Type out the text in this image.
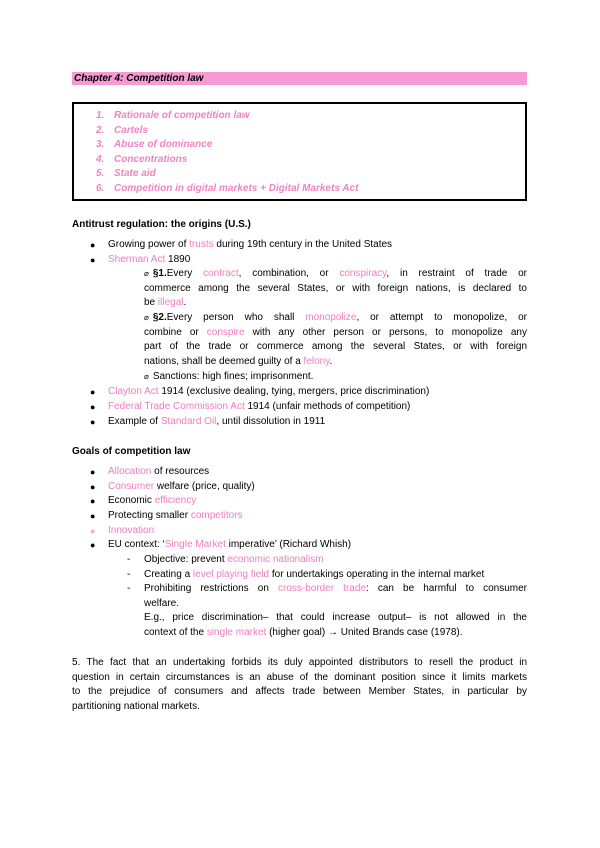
Chapter 4: Competition law
1. Rationale of competition law
2. Cartels
3. Abuse of dominance
4. Concentrations
5. State aid
6. Competition in digital markets + Digital Markets Act
Antitrust regulation: the origins (U.S.)
● Growing power of trusts during 19th century in the United States
● Sherman Act 1890
⌀ §1.Every contract, combination, or conspiracy, in restraint of trade or
commerce among the several States, or with foreign nations, is declared to
be illegal.
⌀ §2.Every person who shall monopolize, or attempt to monopolize, or
combine or conspire with any other person or persons, to monopolize any
part of the trade or commerce among the several States, or with foreign
nations, shall be deemed guilty of a felony.
⌀ Sanctions: high fines; imprisonment.
● Clayton Act 1914 (exclusive dealing, tying, mergers, price discrimination)
● Federal Trade Commission Act 1914 (unfair methods of competition)
● Example of Standard Oil, until dissolution in 1911
Goals of competition law
● Allocation of resources
● Consumer welfare (price, quality)
● Economic efficiency
● Protecting smaller competitors
● Innovation
● EU context: ‘Single Market imperative’ (Richard Whish)
- Objective: prevent economic nationalism
- Creating a level playing field for undertakings operating in the internal market
- Prohibiting restrictions on cross-border trade: can be harmful to consumer
welfare.
E.g., price discrimination– that could increase output– is not allowed in the
context of the single market (higher goal) → United Brands case (1978).
5. The fact that an undertaking forbids its duly appointed distributors to resell the product in
question in certain circumstances is an abuse of the dominant position since it limits markets
to the prejudice of consumers and affects trade between Member States, in particular by
partitioning national markets.
